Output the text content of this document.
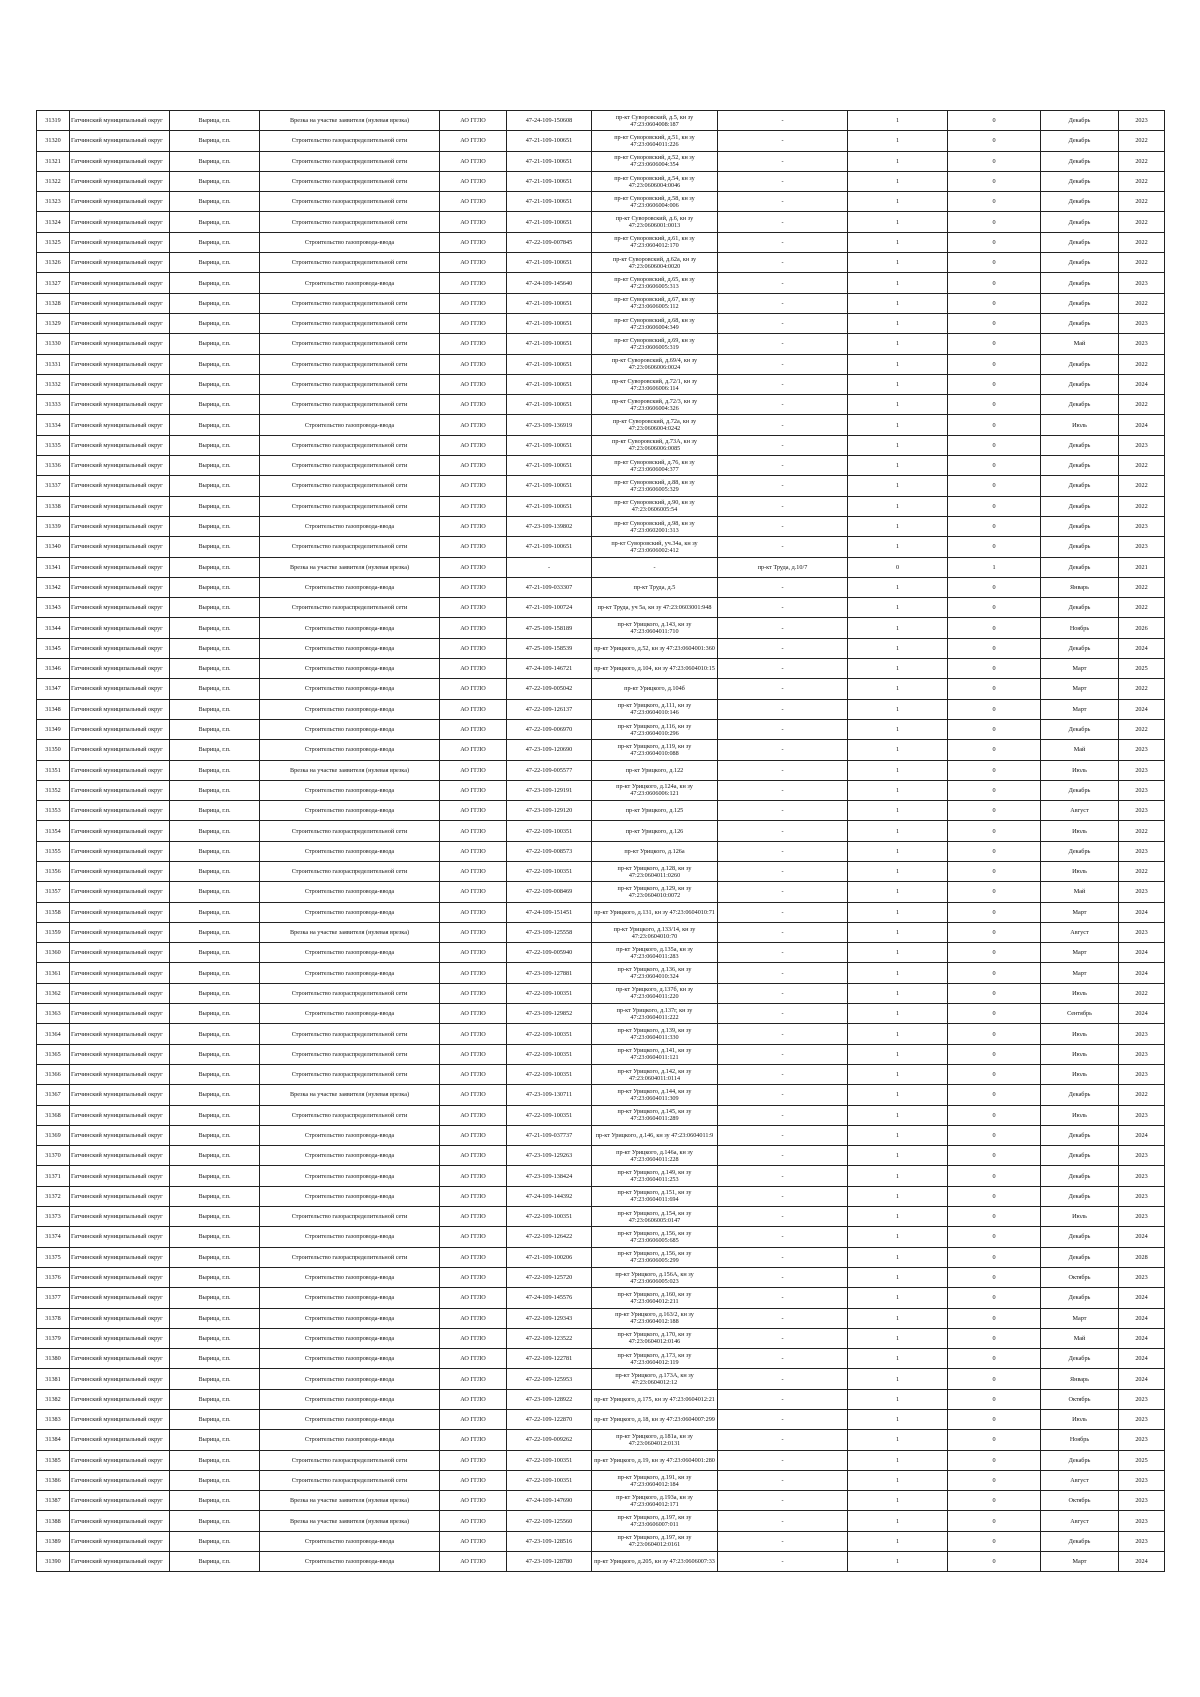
31319	Гатчинский муниципальный округ	Вырица, г.п.	Врезка на участке заявителя (нулевая врезка)	АО ГГЛО	47-24-109-150608	пр-кт Суворовский, д.5, кн зу 47:23:0604008:187	-	1	0	Декабрь	2023
31320	Гатчинский муниципальный округ	Вырица, г.п.	Строительство газораспределительной сети	АО ГГЛО	47-21-109-100651	пр-кт Суворовский, д.51, кн зу 47:23:0604011:226	-	1	0	Декабрь	2022
31321	Гатчинский муниципальный округ	Вырица, г.п.	Строительство газораспределительной сети	АО ГГЛО	47-21-109-100651	пр-кт Суворовский, д.52, кн зу 47:23:0606004:354	-	1	0	Декабрь	2022
31322	Гатчинский муниципальный округ	Вырица, г.п.	Строительство газораспределительной сети	АО ГГЛО	47-21-109-100651	пр-кт Суворовский, д.54, кн зу 47:23:0606004:0046	-	1	0	Декабрь	2022
31323	Гатчинский муниципальный округ	Вырица, г.п.	Строительство газораспределительной сети	АО ГГЛО	47-21-109-100651	пр-кт Суворовский, д.58, кн зу 47:23:0606004:006	-	1	0	Декабрь	2022
31324	Гатчинский муниципальный округ	Вырица, г.п.	Строительство газораспределительной сети	АО ГГЛО	47-21-109-100651	пр-кт Суворовский, д.6, кн зу 47:23:0606001:0013	-	1	0	Декабрь	2022
31325	Гатчинский муниципальный округ	Вырица, г.п.	Строительство газопровода-ввода	АО ГГЛО	47-22-109-007845	пр-кт Суворовский, д.61, кн зу 47:23:0604012:170	-	1	0	Декабрь	2022
31326	Гатчинский муниципальный округ	Вырица, г.п.	Строительство газораспределительной сети	АО ГГЛО	47-21-109-100651	пр-кт Суворовский, д.62а, кн зу 47:23:0606004:0020	-	1	0	Декабрь	2022
31327	Гатчинский муниципальный округ	Вырица, г.п.	Строительство газопровода-ввода	АО ГГЛО	47-24-109-145640	пр-кт Суворовский, д.65, кн зу 47:23:0606005:313	-	1	0	Декабрь	2023
31328	Гатчинский муниципальный округ	Вырица, г.п.	Строительство газораспределительной сети	АО ГГЛО	47-21-109-100651	пр-кт Суворовский, д.67, кн зу 47:23:0606005:112	-	1	0	Декабрь	2022
31329	Гатчинский муниципальный округ	Вырица, г.п.	Строительство газораспределительной сети	АО ГГЛО	47-21-109-100651	пр-кт Суворовский, д.68, кн зу 47:23:0606004:349	-	1	0	Декабрь	2023
31330	Гатчинский муниципальный округ	Вырица, г.п.	Строительство газораспределительной сети	АО ГГЛО	47-21-109-100651	пр-кт Суворовский, д.69, кн зу 47:23:0606005:319	-	1	0	Май	2023
31331	Гатчинский муниципальный округ	Вырица, г.п.	Строительство газораспределительной сети	АО ГГЛО	47-21-109-100651	пр-кт Суворовский, д.69/4, кн зу 47:23:0606006:0024	-	1	0	Декабрь	2022
31332	Гатчинский муниципальный округ	Вырица, г.п.	Строительство газораспределительной сети	АО ГГЛО	47-21-109-100651	пр-кт Суворовский, д.72/1, кн зу 47:23:0606006:114	-	1	0	Декабрь	2024
31333	Гатчинский муниципальный округ	Вырица, г.п.	Строительство газораспределительной сети	АО ГГЛО	47-21-109-100651	пр-кт Суворовский, д.72/3, кн зу 47:23:0606004:326	-	1	0	Декабрь	2022
31334	Гатчинский муниципальный округ	Вырица, г.п.	Строительство газопровода-ввода	АО ГГЛО	47-23-109-136919	пр-кт Суворовский, д.72а, кн зу 47:23:0606004:0242	-	1	0	Июль	2024
31335	Гатчинский муниципальный округ	Вырица, г.п.	Строительство газораспределительной сети	АО ГГЛО	47-21-109-100651	пр-кт Суворовский, д.73А, кн зу 47:23:0606006:0085	-	1	0	Декабрь	2023
31336	Гатчинский муниципальный округ	Вырица, г.п.	Строительство газораспределительной сети	АО ГГЛО	47-21-109-100651	пр-кт Суворовский, д.76, кн зу 47:23:0606004:377	-	1	0	Декабрь	2022
31337	Гатчинский муниципальный округ	Вырица, г.п.	Строительство газораспределительной сети	АО ГГЛО	47-21-109-100651	пр-кт Суворовский, д.88, кн зу 47:23:0606005:329	-	1	0	Декабрь	2022
31338	Гатчинский муниципальный округ	Вырица, г.п.	Строительство газораспределительной сети	АО ГГЛО	47-21-109-100651	пр-кт Суворовский, д.90, кн зу 47:23:0606005:54	-	1	0	Декабрь	2022
31339	Гатчинский муниципальный округ	Вырица, г.п.	Строительство газопровода-ввода	АО ГГЛО	47-23-109-139802	пр-кт Суворовский, д.98, кн зу 47:23:0602001:313	-	1	0	Декабрь	2023
31340	Гатчинский муниципальный округ	Вырица, г.п.	Строительство газораспределительной сети	АО ГГЛО	47-21-109-100651	пр-кт Суворовский, уч.34а, кн зу 47:23:0606002:412	-	1	0	Декабрь	2023
31341	Гатчинский муниципальный округ	Вырица, г.п.	Врезка на участке заявителя (нулевая врезка)	АО ГГЛО	-	-	пр-кт Труда, д.10/7	0	1	Декабрь	2021
31342	Гатчинский муниципальный округ	Вырица, г.п.	Строительство газопровода-ввода	АО ГГЛО	47-21-109-033307	пр-кт Труда, д.5	-	1	0	Январь	2022
31343	Гатчинский муниципальный округ	Вырица, г.п.	Строительство газораспределительной сети	АО ГГЛО	47-21-109-100724	пр-кт Труда, уч 5а, кн зу 47:23:0603001:948	-	1	0	Декабрь	2022
31344	Гатчинский муниципальный округ	Вырица, г.п.	Строительство газопровода-ввода	АО ГГЛО	47-25-109-158189	пр-кт Урицкого, д.143, кн зу 47:23:0604011:710	-	1	0	Ноябрь	2026
31345	Гатчинский муниципальный округ	Вырица, г.п.	Строительство газопровода-ввода	АО ГГЛО	47-25-109-158539	пр-кт Урицкого, д.52, кн зу 47:23:0604001:360	-	1	0	Декабрь	2024
31346	Гатчинский муниципальный округ	Вырица, г.п.	Строительство газопровода-ввода	АО ГГЛО	47-24-109-146721	пр-кт Урицкого, д.104, кн зу 47:23:0604010:15	-	1	0	Март	2025
31347	Гатчинский муниципальный округ	Вырица, г.п.	Строительство газопровода-ввода	АО ГГЛО	47-22-109-005042	пр-кт Урицкого, д.104б	-	1	0	Март	2022
31348	Гатчинский муниципальный округ	Вырица, г.п.	Строительство газопровода-ввода	АО ГГЛО	47-22-109-126137	пр-кт Урицкого, д.111, кн зу 47:23:0604010:146	-	1	0	Март	2024
31349	Гатчинский муниципальный округ	Вырица, г.п.	Строительство газопровода-ввода	АО ГГЛО	47-22-109-006970	пр-кт Урицкого, д.116, кн зу 47:23:0604010:296	-	1	0	Декабрь	2022
31350	Гатчинский муниципальный округ	Вырица, г.п.	Строительство газопровода-ввода	АО ГГЛО	47-23-109-120690	пр-кт Урицкого, д.119, кн зу 47:23:0604010:088	-	1	0	Май	2023
31351	Гатчинский муниципальный округ	Вырица, г.п.	Врезка на участке заявителя (нулевая врезка)	АО ГГЛО	47-22-109-005577	пр-кт Урицкого, д.122	-	1	0	Июль	2023
31352	Гатчинский муниципальный округ	Вырица, г.п.	Строительство газопровода-ввода	АО ГГЛО	47-23-109-129191	пр-кт Урицкого, д.124а, кн зу 47:23:0606006:121	-	1	0	Декабрь	2023
31353	Гатчинский муниципальный округ	Вырица, г.п.	Строительство газопровода-ввода	АО ГГЛО	47-23-109-129120	пр-кт Урицкого, д.125	-	1	0	Август	2023
31354	Гатчинский муниципальный округ	Вырица, г.п.	Строительство газораспределительной сети	АО ГГЛО	47-22-109-100351	пр-кт Урицкого, д.126	-	1	0	Июль	2022
31355	Гатчинский муниципальный округ	Вырица, г.п.	Строительство газопровода-ввода	АО ГГЛО	47-22-109-008573	пр-кт Урицкого, д.126а	-	1	0	Декабрь	2023
31356	Гатчинский муниципальный округ	Вырица, г.п.	Строительство газораспределительной сети	АО ГГЛО	47-22-109-100351	пр-кт Урицкого, д.128, кн зу 47:23:0604011:0260	-	1	0	Июль	2022
31357	Гатчинский муниципальный округ	Вырица, г.п.	Строительство газопровода-ввода	АО ГГЛО	47-22-109-008469	пр-кт Урицкого, д.129, кн зу 47:23:0604010:0072	-	1	0	Май	2023
31358	Гатчинский муниципальный округ	Вырица, г.п.	Строительство газопровода-ввода	АО ГГЛО	47-24-109-151451	пр-кт Урицкого, д.131, кн зу 47:23:0604010:71	-	1	0	Март	2024
31359	Гатчинский муниципальный округ	Вырица, г.п.	Врезка на участке заявителя (нулевая врезка)	АО ГГЛО	47-23-109-125558	пр-кт Урицкого, д.133/14, кн зу 47:23:0604010:70	-	1	0	Август	2023
31360	Гатчинский муниципальный округ	Вырица, г.п.	Строительство газопровода-ввода	АО ГГЛО	47-22-109-005940	пр-кт Урицкого, д.135а, кн зу 47:23:0604011:283	-	1	0	Март	2024
31361	Гатчинский муниципальный округ	Вырица, г.п.	Строительство газопровода-ввода	АО ГГЛО	47-23-109-127881	пр-кт Урицкого, д.136, кн зу 47:23:0604010:324	-	1	0	Март	2024
31362	Гатчинский муниципальный округ	Вырица, г.п.	Строительство газораспределительной сети	АО ГГЛО	47-22-109-100351	пр-кт Урицкого, д.137б, кн зу 47:23:0604011:220	-	1	0	Июль	2022
31363	Гатчинский муниципальный округ	Вырица, г.п.	Строительство газопровода-ввода	АО ГГЛО	47-23-109-129852	пр-кт Урицкого, д.137г, кн зу 47:23:0604011:222	-	1	0	Сентябрь	2024
31364	Гатчинский муниципальный округ	Вырица, г.п.	Строительство газораспределительной сети	АО ГГЛО	47-22-109-100351	пр-кт Урицкого, д.139, кн зу 47:23:0604011:330	-	1	0	Июль	2023
31365	Гатчинский муниципальный округ	Вырица, г.п.	Строительство газораспределительной сети	АО ГГЛО	47-22-109-100351	пр-кт Урицкого, д.141, кн зу 47:23:0604011:121	-	1	0	Июль	2023
31366	Гатчинский муниципальный округ	Вырица, г.п.	Строительство газораспределительной сети	АО ГГЛО	47-22-109-100351	пр-кт Урицкого, д.142, кн зу 47:23:0604011:0114	-	1	0	Июль	2023
31367	Гатчинский муниципальный округ	Вырица, г.п.	Врезка на участке заявителя (нулевая врезка)	АО ГГЛО	47-23-109-130711	пр-кт Урицкого, д.144, кн зу 47:23:0604011:309	-	1	0	Декабрь	2022
31368	Гатчинский муниципальный округ	Вырица, г.п.	Строительство газораспределительной сети	АО ГГЛО	47-22-109-100351	пр-кт Урицкого, д.145, кн зу 47:23:0604011:289	-	1	0	Июль	2023
31369	Гатчинский муниципальный округ	Вырица, г.п.	Строительство газопровода-ввода	АО ГГЛО	47-21-109-037737	пр-кт Урицкого, д.146, кн зу 47:23:0604011:9	-	1	0	Декабрь	2024
31370	Гатчинский муниципальный округ	Вырица, г.п.	Строительство газопровода-ввода	АО ГГЛО	47-23-109-129263	пр-кт Урицкого, д.146а, кн зу 47:23:0604011:228	-	1	0	Декабрь	2023
31371	Гатчинский муниципальный округ	Вырица, г.п.	Строительство газопровода-ввода	АО ГГЛО	47-23-109-138424	пр-кт Урицкого, д.149, кн зу 47:23:0604011:253	-	1	0	Декабрь	2023
31372	Гатчинский муниципальный округ	Вырица, г.п.	Строительство газопровода-ввода	АО ГГЛО	47-24-109-144392	пр-кт Урицкого, д.151, кн зу 47:23:0604011:694	-	1	0	Декабрь	2023
31373	Гатчинский муниципальный округ	Вырица, г.п.	Строительство газораспределительной сети	АО ГГЛО	47-22-109-100351	пр-кт Урицкого, д.154, кн зу 47:23:0606005:0147	-	1	0	Июль	2023
31374	Гатчинский муниципальный округ	Вырица, г.п.	Строительство газопровода-ввода	АО ГГЛО	47-22-109-126422	пр-кт Урицкого, д.156, кн зу 47:23:0606005:685	-	1	0	Декабрь	2024
31375	Гатчинский муниципальный округ	Вырица, г.п.	Строительство газораспределительной сети	АО ГГЛО	47-21-109-100206	пр-кт Урицкого, д.156, кн зу 47:23:0606005:299	-	1	0	Декабрь	2028
31376	Гатчинский муниципальный округ	Вырица, г.п.	Строительство газопровода-ввода	АО ГГЛО	47-22-109-125720	пр-кт Урицкого, д.156А, кн зу 47:23:0606005:023	-	1	0	Октябрь	2023
31377	Гатчинский муниципальный округ	Вырица, г.п.	Строительство газопровода-ввода	АО ГГЛО	47-24-109-145576	пр-кт Урицкого, д.160, кн зу 47:23:0604012:211	-	1	0	Декабрь	2024
31378	Гатчинский муниципальный округ	Вырица, г.п.	Строительство газопровода-ввода	АО ГГЛО	47-22-109-129343	пр-кт Урицкого, д.163/2, кн зу 47:23:0604012:188	-	1	0	Март	2024
31379	Гатчинский муниципальный округ	Вырица, г.п.	Строительство газопровода-ввода	АО ГГЛО	47-22-109-123522	пр-кт Урицкого, д.170, кн зу 47:23:0604012:0146	-	1	0	Май	2024
31380	Гатчинский муниципальный округ	Вырица, г.п.	Строительство газопровода-ввода	АО ГГЛО	47-22-109-122781	пр-кт Урицкого, д.173, кн зу 47:23:0604012:119	-	1	0	Декабрь	2024
31381	Гатчинский муниципальный округ	Вырица, г.п.	Строительство газопровода-ввода	АО ГГЛО	47-22-109-125953	пр-кт Урицкого, д.173А, кн зу 47:23:0604012:12	-	1	0	Январь	2024
31382	Гатчинский муниципальный округ	Вырица, г.п.	Строительство газопровода-ввода	АО ГГЛО	47-23-109-128922	пр-кт Урицкого, д.175, кн зу 47:23:0604012:21	-	1	0	Октябрь	2023
31383	Гатчинский муниципальный округ	Вырица, г.п.	Строительство газопровода-ввода	АО ГГЛО	47-22-109-122870	пр-кт Урицкого, д.18, кн зу 47:23:0604007:299	-	1	0	Июль	2023
31384	Гатчинский муниципальный округ	Вырица, г.п.	Строительство газопровода-ввода	АО ГГЛО	47-22-109-009262	пр-кт Урицкого, д.181а, кн зу 47:23:0604012:0131	-	1	0	Ноябрь	2023
31385	Гатчинский муниципальный округ	Вырица, г.п.	Строительство газораспределительной сети	АО ГГЛО	47-22-109-100351	пр-кт Урицкого, д.19, кн зу 47:23:0604001:280	-	1	0	Декабрь	2025
31386	Гатчинский муниципальный округ	Вырица, г.п.	Строительство газораспределительной сети	АО ГГЛО	47-22-109-100351	пр-кт Урицкого, д.191, кн зу 47:23:0604012:184	-	1	0	Август	2023
31387	Гатчинский муниципальный округ	Вырица, г.п.	Врезка на участке заявителя (нулевая врезка)	АО ГГЛО	47-24-109-147690	пр-кт Урицкого, д.193а, кн зу 47:23:0604012:171	-	1	0	Октябрь	2023
31388	Гатчинский муниципальный округ	Вырица, г.п.	Врезка на участке заявителя (нулевая врезка)	АО ГГЛО	47-22-109-125560	пр-кт Урицкого, д.197, кн зу 47:23:0606007:011	-	1	0	Август	2023
31389	Гатчинский муниципальный округ	Вырица, г.п.	Строительство газопровода-ввода	АО ГГЛО	47-23-109-128516	пр-кт Урицкого, д.197, кн зу 47:23:0604012:0161	-	1	0	Декабрь	2023
31390	Гатчинский муниципальный округ	Вырица, г.п.	Строительство газопровода-ввода	АО ГГЛО	47-23-109-128780	пр-кт Урицкого, д.205, кн зу 47:23:0606007:33	-	1	0	Март	2024
